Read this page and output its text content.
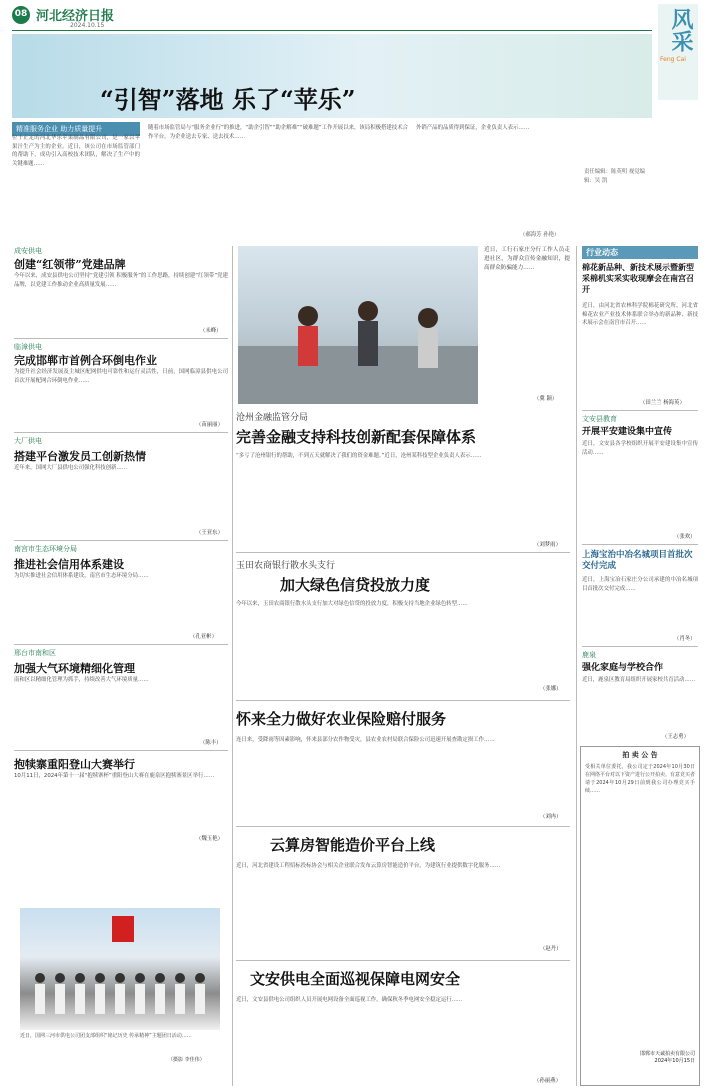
08 河北经济日报
2024.10.15	风采
Feng Cai
“引智”落地 乐了“苹乐”
精准服务企业 助力质量提升
位于正定的河北华乐苹果制品有限公司，是一家以苹果汁生产为主的企业。近日，该公司在市场监管部门的帮助下，成功引入高校技术团队，解决了生产中的关键难题……
随着市场监管局与“服务企业行”的推进，“助企引智”“助企解难”“破难题”工作开展以来，该局积极搭建技术合作平台，为企业送去专家、送去技术……
外销产品的品质得到保证，企业负责人表示……
（郝海芳 孙艳）
责任编辑：陈英明 视觉编辑：吴 凯
成安供电
创建“红领带”党建品牌
今年以来，成安县供电公司坚持“党建引领 积极服务”的工作思路，持续创建“红领带”党建品牌，以党建工作推动企业高质量发展……
（未峰）
临漳供电
完成邯郸市首例合环倒电作业
为提升社会经济发展及主城区配网供电可靠性和运行灵活性，日前，国网临漳县供电公司首次开展配网合环倒电作业……
（苗丽丽）
大厂供电
搭建平台激发员工创新热情
近年来，国网大厂县供电公司强化科技创新……
（王亚东）
南宫市生态环境分局
推进社会信用体系建设
为切实推进社会信用体系建设，南宫市生态环境分局……
（孔亚彬）
邢台市南和区
加强大气环境精细化管理
南和区以精细化管理为抓手，持续改善大气环境质量……
（陈丰）
抱犊寨重阳登山大赛举行
10月11日，2024年第十一届“抱犊寨杯”重阳登山大赛在鹿泉区抱犊寨景区举行……
（魏玉艳）
近日，国网三河市供电公司团支部组织“铭记历史 传承精神”主题团日活动……
（摄影 李佳伟）
近日，工行石家庄分行工作人员走进社区，为群众宣传金融知识，提高群众防骗能力……
（冀 颖）
沧州金融监管分局
完善金融支持科技创新配套保障体系
“多亏了沧州银行的帮助，不到五天就解决了我们的资金难题。”近日，沧州某科技型企业负责人表示……
（刘梦雨）
玉田农商银行散水头支行
加大绿色信贷投放力度
今年以来，玉田农商银行散水头支行加大对绿色信贷的投放力度，积极支持当地企业绿色转型……
（张娜）
怀来全力做好农业保险赔付服务
连日来，受降雨等因素影响，怀来县部分农作物受灾，县农业农村局联合保险公司迅速开展查勘定损工作……
（刘冉）
云算房智能造价平台上线
近日，河北省建设工程招标投标协会与相关企业联合发布云算房智能造价平台，为建筑行业提供数字化服务……
（赵丹）
文安供电全面巡视保障电网安全
近日，文安县供电公司组织人员开展电网设备全面巡视工作，确保秋冬季电网安全稳定运行……
（孙丽燕）
行业动态
棉花新品种、新技术展示暨新型采棉机实采实收现摩会在南宫召开
近日，由河北省农林科学院棉花研究所、河北省棉花农业产业技术体系联合举办的新品种、新技术展示会在南宫市召开……
（田兰兰 杨海英）
文安县教育
开展平安建设集中宣传
近日，文安县各学校组织开展平安建设集中宣传活动……
（张欢）
上海宝治中冶名城项目首批次交付完成
近日，上海宝冶石家庄分公司承建的中冶名城项目首批次交付完成……
（肖冬）
鹿泉
强化家庭与学校合作
近日，鹿泉区教育局组织开展家校共育活动……
（王志勇）
拍 卖 公 告
受相关单位委托，我公司定于2024年10月30日在网络平台对以下资产进行公开拍卖。有意竞买者请于2024年10月29日前到我公司办理竞买手续……
邯郸市天诚拍卖有限公司
2024年10月15日
